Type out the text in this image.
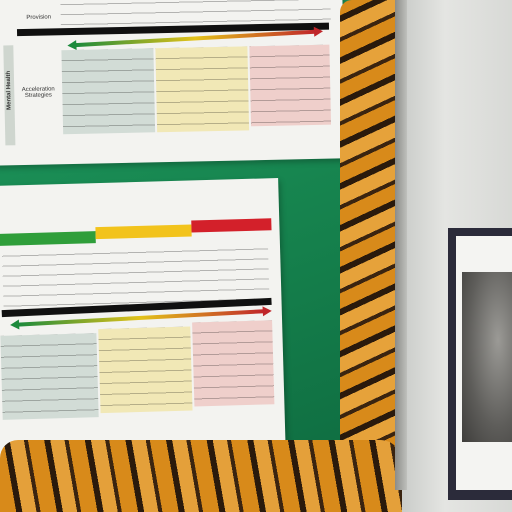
Provision
Mental Health	Acceleration Strategies
